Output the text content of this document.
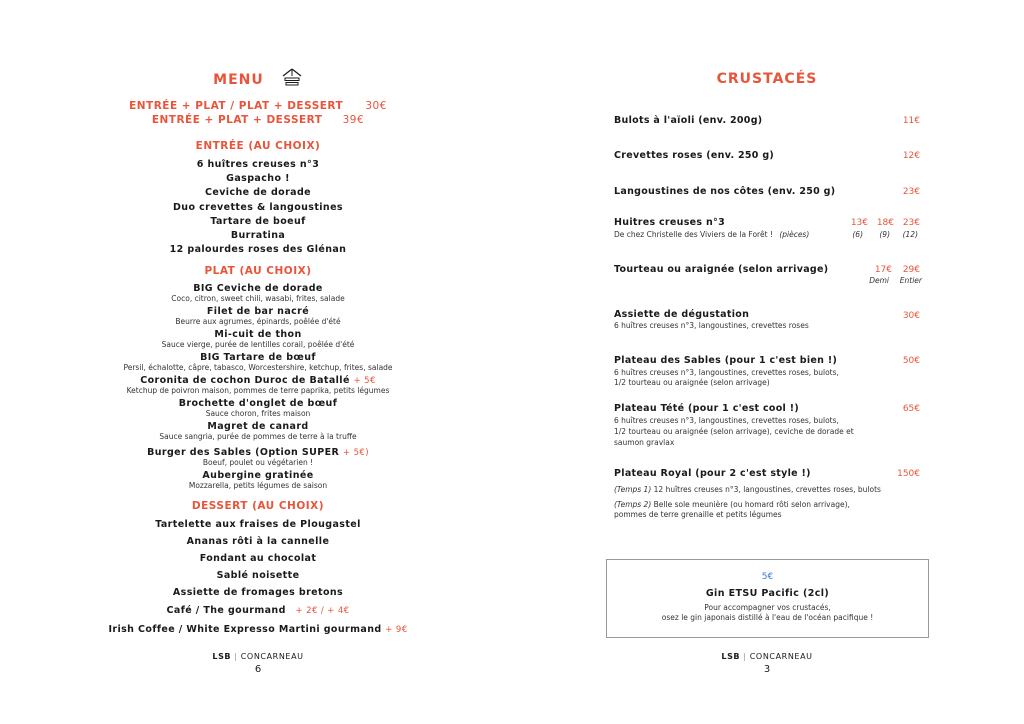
MENU
ENTRÉE + PLAT / PLAT + DESSERT 30€
ENTRÉE + PLAT + DESSERT 39€
ENTRÉE (AU CHOIX)
6 huîtres creuses n°3
Gaspacho !
Ceviche de dorade
Duo crevettes & langoustines
Tartare de boeuf
Burratina
12 palourdes roses des Glénan
PLAT (AU CHOIX)
BIG Ceviche de dorade
Coco, citron, sweet chili, wasabi, frites, salade
Filet de bar nacré
Beurre aux agrumes, épinards, poêlée d'été
Mi-cuit de thon
Sauce vierge, purée de lentilles corail, poêlée d'été
BIG Tartare de bœuf
Persil, échalotte, câpre, tabasco, Worcestershire, ketchup, frites, salade
Coronita de cochon Duroc de Batallé + 5€
Ketchup de poivron maison, pommes de terre paprika, petits légumes
Brochette d'onglet de bœuf
Sauce choron, frites maison
Magret de canard
Sauce sangria, purée de pommes de terre à la truffe
Burger des Sables (Option SUPER + 5€)
Boeuf, poulet ou végétarien !
Aubergine gratinée
Mozzarella, petits légumes de saison
DESSERT (AU CHOIX)
Tartelette aux fraises de Plougastel
Ananas rôti à la cannelle
Fondant au chocolat
Sablé noisette
Assiette de fromages bretons
Café / The gourmand + 2€ / + 4€
Irish Coffee / White Expresso Martini gourmand + 9€
LSB | CONCARNEAU
6
CRUSTACÉS
Bulots à l'aïoli (env. 200g)	11€
Crevettes roses (env. 250 g)	12€
Langoustines de nos côtes (env. 250 g)	23€
Huitres creuses n°3	13€ 18€ 23€
De chez Christelle des Viviers de la Forêt ! (pièces)	(6) (9) (12)
Tourteau ou araignée (selon arrivage)	17€ 29€
Demi Entier
Assiette de dégustation	30€
6 huîtres creuses n°3, langoustines, crevettes roses
Plateau des Sables (pour 1 c'est bien !)	50€
6 huîtres creuses n°3, langoustines, crevettes roses, bulots,
1/2 tourteau ou araignée (selon arrivage)
Plateau Tété (pour 1 c'est cool !)	65€
6 huîtres creuses n°3, langoustines, crevettes roses, bulots,
1/2 tourteau ou araignée (selon arrivage), ceviche de dorade et
saumon gravlax
Plateau Royal (pour 2 c'est style !)	150€
(Temps 1) 12 huîtres creuses n°3, langoustines, crevettes roses, bulots
(Temps 2) Belle sole meunière (ou homard rôti selon arrivage),
pommes de terre grenaille et petits légumes
5€
Gin ETSU Pacific (2cl)
Pour accompagner vos crustacés,
osez le gin japonais distillé à l'eau de l'océan pacifique !
LSB | CONCARNEAU
3
